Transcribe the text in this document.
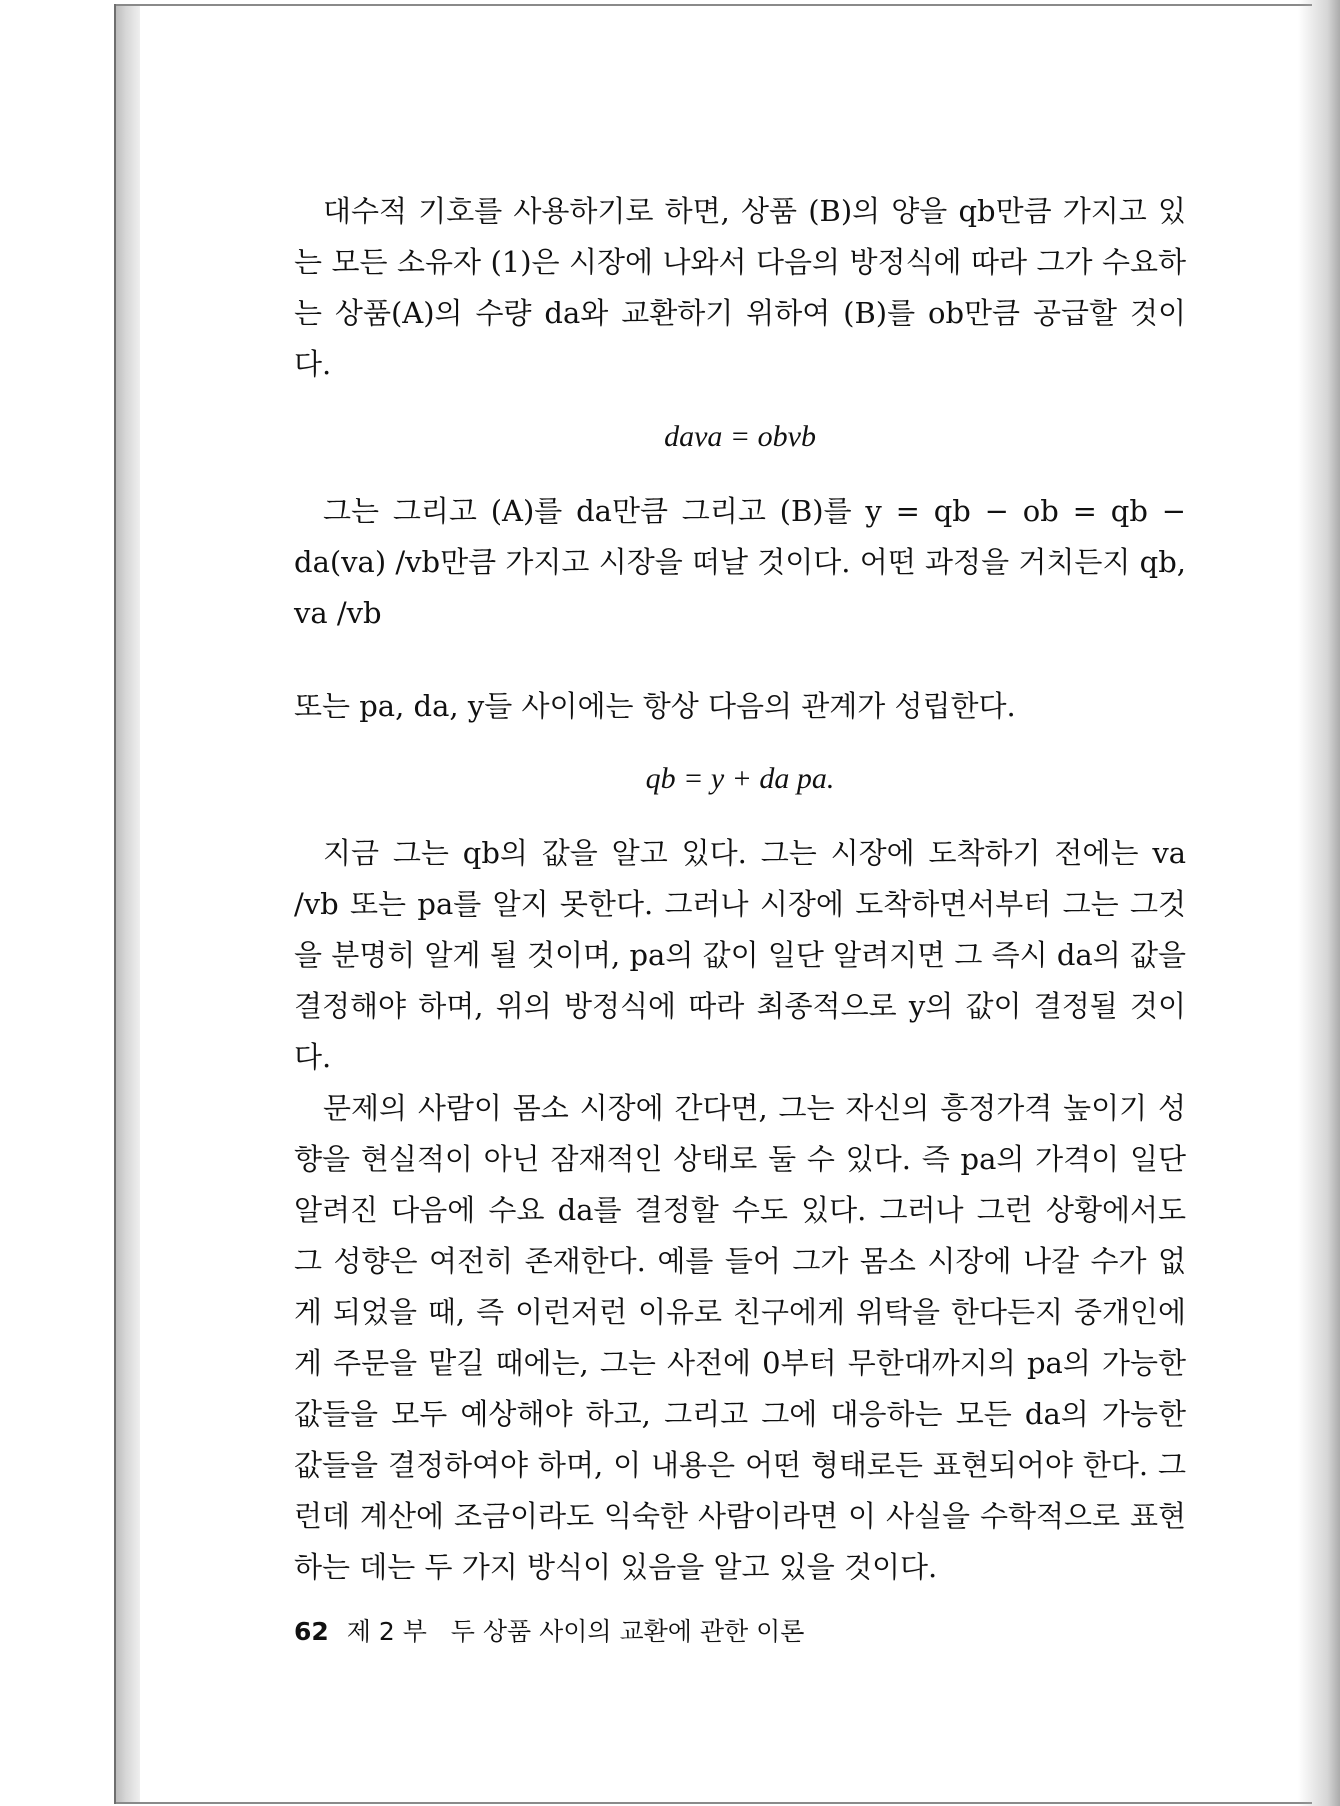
대수적 기호를 사용하기로 하면, 상품 (B)의 양을 qb만큼 가지고 있는 모든 소유자 (1)은 시장에 나와서 다음의 방정식에 따라 그가 수요하는 상품(A)의 수량 da와 교환하기 위하여 (B)를 ob만큼 공급할 것이다.

dava = obvb

그는 그리고 (A)를 da만큼 그리고 (B)를 y = qb − ob = qb − da(va) /vb만큼 가지고 시장을 떠날 것이다. 어떤 과정을 거치든지 qb, va /vb

또는 pa, da, y들 사이에는 항상 다음의 관계가 성립한다.

qb = y + da pa.

지금 그는 qb의 값을 알고 있다. 그는 시장에 도착하기 전에는 va /vb 또는 pa를 알지 못한다. 그러나 시장에 도착하면서부터 그는 그것을 분명히 알게 될 것이며, pa의 값이 일단 알려지면 그 즉시 da의 값을 결정해야 하며, 위의 방정식에 따라 최종적으로 y의 값이 결정될 것이다.

문제의 사람이 몸소 시장에 간다면, 그는 자신의 흥정가격 높이기 성향을 현실적이 아닌 잠재적인 상태로 둘 수 있다. 즉 pa의 가격이 일단 알려진 다음에 수요 da를 결정할 수도 있다. 그러나 그런 상황에서도 그 성향은 여전히 존재한다. 예를 들어 그가 몸소 시장에 나갈 수가 없게 되었을 때, 즉 이런저런 이유로 친구에게 위탁을 한다든지 중개인에게 주문을 맡길 때에는, 그는 사전에 0부터 무한대까지의 pa의 가능한 값들을 모두 예상해야 하고, 그리고 그에 대응하는 모든 da의 가능한 값들을 결정하여야 하며, 이 내용은 어떤 형태로든 표현되어야 한다. 그런데 계산에 조금이라도 익숙한 사람이라면 이 사실을 수학적으로 표현하는 데는 두 가지 방식이 있음을 알고 있을 것이다.

62 제 2 부   두 상품 사이의 교환에 관한 이론
